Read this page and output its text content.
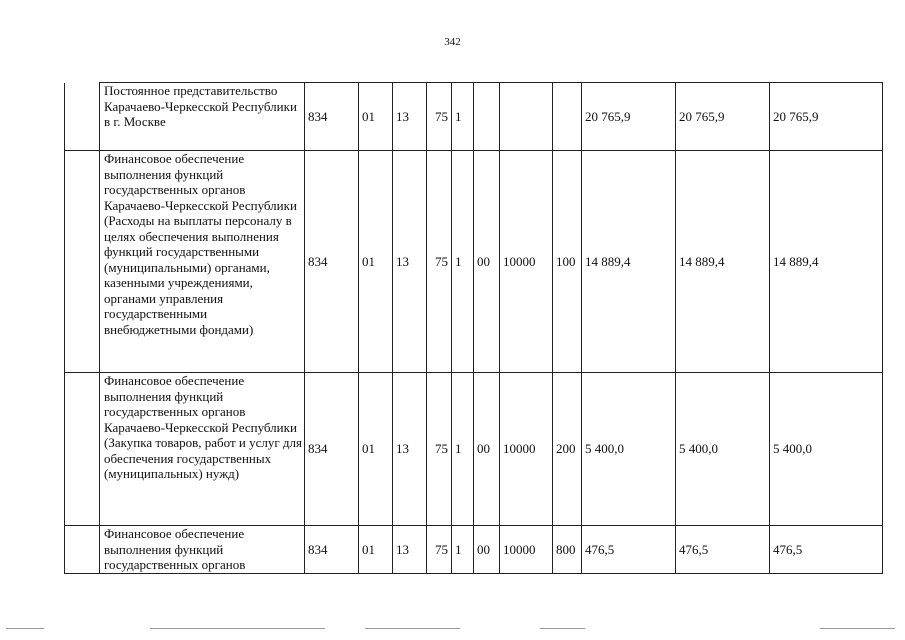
342
	Постоянное представительство Карачаево-Черкесской Республики в г. Москве	834	01	13	75	1				20 765,9	20 765,9	20 765,9
	Финансовое обеспечение выполнения функций государственных органов Карачаево-Черкесской Республики (Расходы на выплаты персоналу в целях обеспечения выполнения функций государственными (муниципальными) органами, казенными учреждениями, органами управления государственными внебюджетными фондами)	834	01	13	75	1	00	10000	100	14 889,4	14 889,4	14 889,4
	Финансовое обеспечение выполнения функций государственных органов Карачаево-Черкесской Республики (Закупка товаров, работ и услуг для обеспечения государственных (муниципальных) нужд)	834	01	13	75	1	00	10000	200	5 400,0	5 400,0	5 400,0
	Финансовое обеспечение выполнения функций государственных органов	834	01	13	75	1	00	10000	800	476,5	476,5	476,5
